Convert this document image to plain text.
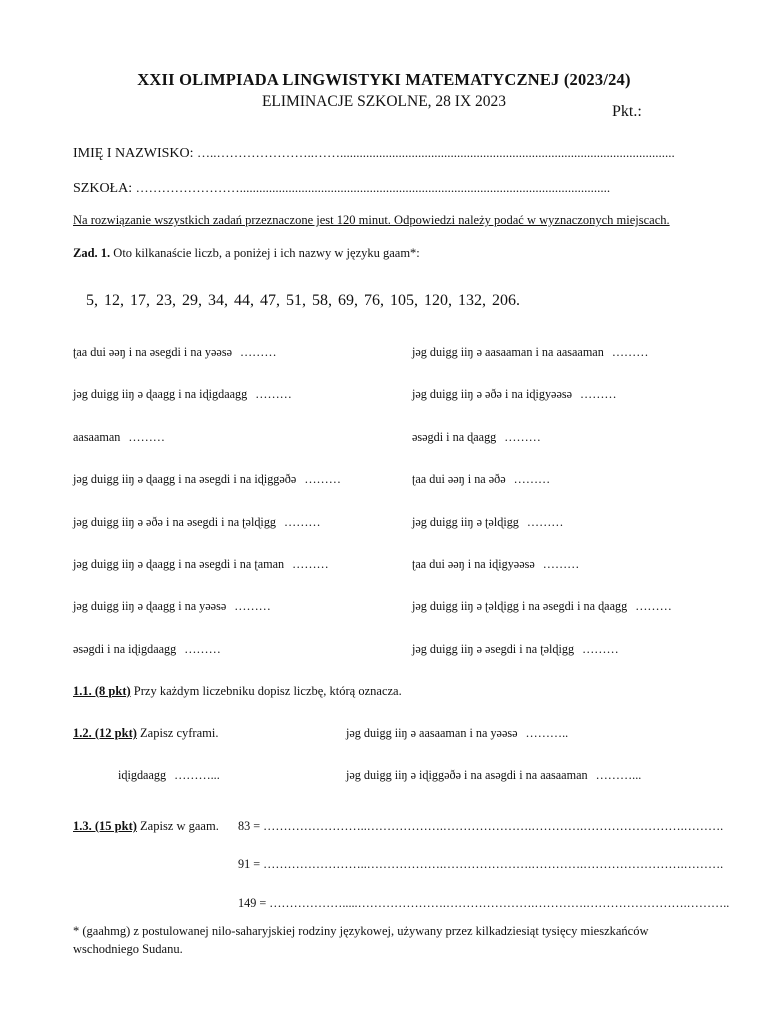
XXII OLIMPIADA LINGWISTYKI MATEMATYCZNEJ (2023/24)
ELIMINACJE SZKOLNE, 28 IX 2023
Pkt.:
IMIĘ I NAZWISKO: …..…………………..…….......................................................................................................
SZKOŁA: ……………………..................................................................................................................
Na rozwiązanie wszystkich zadań przeznaczone jest 120 minut. Odpowiedzi należy podać w wyznaczonych miejscach.
Zad. 1. Oto kilkanaście liczb, a poniżej i ich nazwy w języku gaam*:
5, 12, 17, 23, 29, 34, 44, 47, 51, 58, 69, 76, 105, 120, 132, 206.
ʈaa dui əəŋ i na əsegdi i na yəəsə ………
jəg duigg iiŋ ə ɖaagg i na iɖigdaagg ………
aasaaman ………
jəg duigg iiŋ ə ɖaagg i na əsegdi i na iɖiggəðə ………
jəg duigg iiŋ ə əðə i na əsegdi i na ʈəlɖigg ………
jəg duigg iiŋ ə ɖaagg i na əsegdi i na ʈaman ………
jəg duigg iiŋ ə ɖaagg i na yəəsə ………
əsəgdi i na iɖigdaagg ………
jəg duigg iiŋ ə aasaaman i na aasaaman ………
jəg duigg iiŋ ə əðə i na iɖigyəəsə ………
əsəgdi i na ɖaagg ………
ʈaa dui əəŋ i na əðə ………
jəg duigg iiŋ ə ʈəlɖigg ………
ʈaa dui əəŋ i na iɖigyəəsə ………
jəg duigg iiŋ ə ʈəlɖigg i na əsegdi i na ɖaagg ………
jəg duigg iiŋ ə əsegdi i na ʈəlɖigg ………
1.1. (8 pkt) Przy każdym liczebniku dopisz liczbę, którą oznacza.
1.2. (12 pkt) Zapisz cyframi.	jəg duigg iiŋ ə aasaaman i na yəəsə ………..
iɖigdaagg ………...	jəg duigg iiŋ ə iɖiggəðə i na asəgdi i na aasaaman ………...
1.3. (15 pkt) Zapisz w gaam. 83 = ……………………..……………….………………….………….…………………….……….
91 = ……………………..……………….………………….………….…………………….……….
149 = ……………….....………………….………………….………….…………………….………..
* (gaahmg) z postulowanej nilo-saharyjskiej rodziny językowej, używany przez kilkadziesiąt tysięcy mieszkańców
wschodniego Sudanu.
